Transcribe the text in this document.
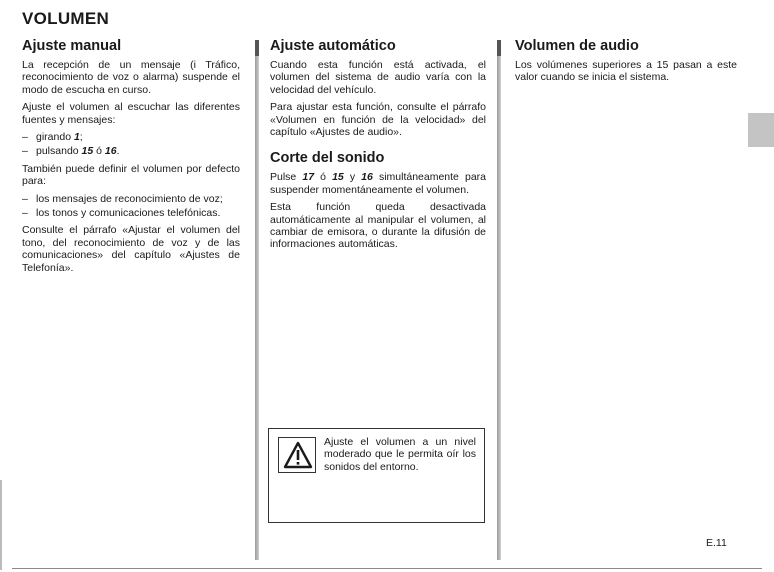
VOLUMEN
Ajuste manual

La recepción de un mensaje (i Tráfico, reconocimiento de voz o alarma) suspende el modo de escucha en curso.

Ajuste el volumen al escuchar las diferentes fuentes y mensajes:

– girando 1;
– pulsando 15 ó 16.

También puede definir el volumen por defecto para:

– los mensajes de reconocimiento de voz;
– los tonos y comunicaciones telefónicas.

Consulte el párrafo «Ajustar el volumen del tono, del reconocimiento de voz y de las comunicaciones» del capítulo «Ajustes de Telefonía».

Ajuste automático

Cuando esta función está activada, el volumen del sistema de audio varía con la velocidad del vehículo.

Para ajustar esta función, consulte el párrafo «Volumen en función de la velocidad» del capítulo «Ajustes de audio».

Corte del sonido

Pulse 17 ó 15 y 16 simultáneamente para suspender momentáneamente el volumen.

Esta función queda desactivada automáticamente al manipular el volumen, al cambiar de emisora, o durante la difusión de informaciones automáticas.

Ajuste el volumen a un nivel moderado que le permita oír los sonidos del entorno.

Volumen de audio

Los volúmenes superiores a 15 pasan a este valor cuando se inicia el sistema.

E.11
